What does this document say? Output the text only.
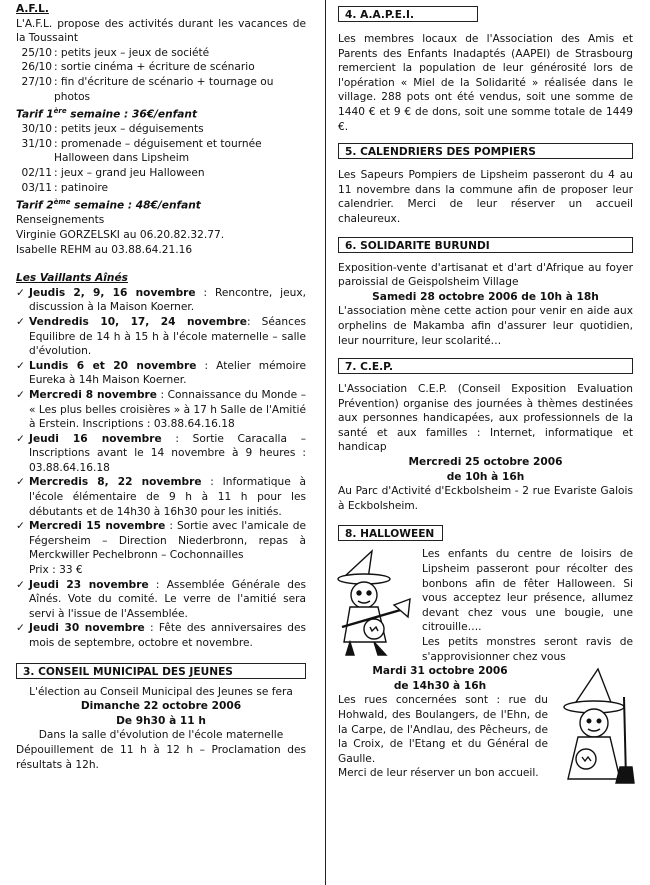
A.F.L.

L'A.F.L. propose des activités durant les vacances de la Toussaint

25/10 : petits jeux – jeux de société
26/10 : sortie cinéma + écriture de scénario
27/10 : fin d'écriture de scénario + tournage ou photos

Tarif 1ère semaine : 36€/enfant

30/10 : petits jeux – déguisements
31/10 : promenade – déguisement et tournée Halloween dans Lipsheim
02/11 : jeux – grand jeu Halloween
03/11 : patinoire

Tarif 2ème semaine : 48€/enfant

Renseignements

Virginie GORZELSKI au 06.20.82.32.77.

Isabelle REHM au 03.88.64.21.16

Les Vaillants Aînés

✓ Jeudis 2, 9, 16 novembre : Rencontre, jeux, discussion à la Maison Koerner.
✓ Vendredis 10, 17, 24 novembre: Séances Equilibre de 14 h à 15 h à l'école maternelle – salle d'évolution.
✓ Lundis 6 et 20 novembre : Atelier mémoire Eureka à 14h Maison Koerner.
✓ Mercredi 8 novembre : Connaissance du Monde – « Les plus belles croisières » à 17 h Salle de l'Amitié à Erstein. Inscriptions : 03.88.64.16.18
✓ Jeudi 16 novembre : Sortie Caracalla – Inscriptions avant le 14 novembre à 9 heures : 03.88.64.16.18
✓ Mercredis 8, 22 novembre : Informatique à l'école élémentaire de 9 h à 11 h pour les débutants et de 14h30 à 16h30 pour les initiés.
✓ Mercredi 15 novembre : Sortie avec l'amicale de Fégersheim – Direction Niederbronn, repas à Merckwiller Pechelbronn – Cochonnailles
Prix : 33 €
✓ Jeudi 23 novembre : Assemblée Générale des Aînés. Vote du comité. Le verre de l'amitié sera servi à l'issue de l'Assemblée.
✓ Jeudi 30 novembre : Fête des anniversaires des mois de septembre, octobre et novembre.
3. CONSEIL MUNICIPAL DES JEUNES

L'élection au Conseil Municipal des Jeunes se fera

Dimanche 22 octobre 2006

De 9h30 à 11 h

Dans la salle d'évolution de l'école maternelle

Dépouillement de 11 h à 12 h – Proclamation des résultats à 12h.

4. A.A.P.E.I.

Les membres locaux de l'Association des Amis et Parents des Enfants Inadaptés (AAPEI) de Strasbourg remercient la population de leur générosité lors de l'opération « Miel de la Solidarité » réalisée dans le village. 288 pots ont été vendus, soit une somme de 1440 € et 9 € de dons, soit une somme totale de 1449 €.

5. CALENDRIERS DES POMPIERS

Les Sapeurs Pompiers de Lipsheim passeront du 4 au 11 novembre dans la commune afin de proposer leur calendrier. Merci de leur réserver un accueil chaleureux.

6. SOLIDARITE BURUNDI

Exposition-vente d'artisanat et d'art d'Afrique au foyer paroissial de Geispolsheim Village

Samedi 28 octobre 2006 de 10h à 18h

L'association mène cette action pour venir en aide aux orphelins de Makamba afin d'assurer leur quotidien, leur nourriture, leur scolarité…

7. C.E.P.

L'Association C.E.P. (Conseil Exposition Evaluation Prévention) organise des journées à thèmes destinées aux personnes handicapées, aux professionnels de la santé et aux familles : Internet, informatique et handicap

Mercredi 25 octobre 2006

de 10h à 16h

Au Parc d'Activité d'Eckbolsheim - 2 rue Evariste Galois à Eckbolsheim.

8. HALLOWEEN

Les enfants du centre de loisirs de Lipsheim passeront pour récolter des bonbons afin de fêter Halloween. Si vous acceptez leur présence, allumez devant chez vous une bougie, une citrouille….

Les petits monstres seront ravis de s'approvisionner chez vous

Mardi 31 octobre 2006

de 14h30 à 16h

Les rues concernées sont : rue du Hohwald, des Boulangers, de l'Ehn, de la Carpe, de l'Andlau, des Pêcheurs, de la Croix, de l'Etang et du Général de Gaulle.

Merci de leur réserver un bon accueil.
